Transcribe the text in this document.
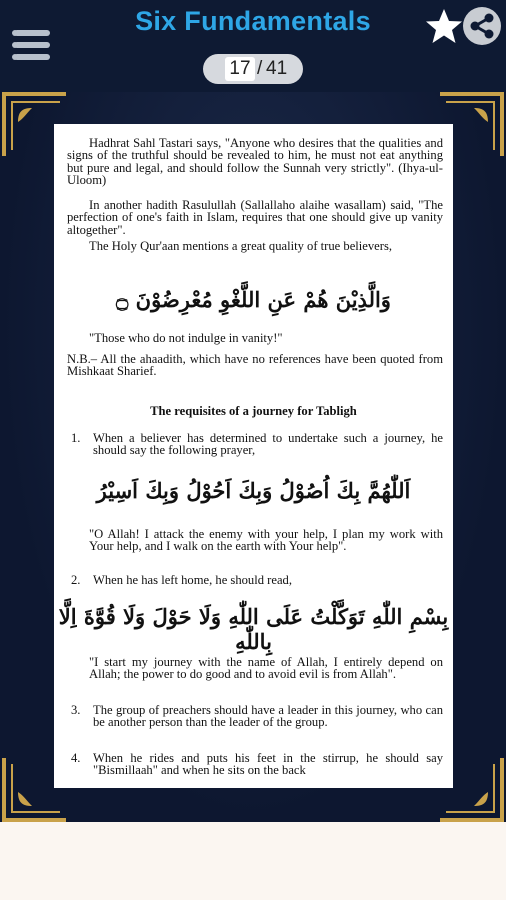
Six Fundamentals
17 / 41
Hadhrat Sahl Tastari says, "Anyone who desires that the qualities and signs of the truthful should be revealed to him, he must not eat anything but pure and legal, and should follow the Sunnah very strictly". (Ihya-ul-Uloom)
In another hadith Rasulullah (Sallallaho alaihe wasallam) said, "The perfection of one's faith in Islam, requires that one should give up vanity altogether".
The Holy Qur'aan mentions a great quality of true believers,
وَالَّذِيْنَ هُمْ عَنِ اللَّغْوِ مُعْرِضُوْنَ ۝
"Those who do not indulge in vanity!"
N.B.– All the ahaadith, which have no references have been quoted from Mishkaat Sharief.
The requisites of a journey for Tabligh
1. When a believer has determined to undertake such a journey, he should say the following prayer,
اَللّٰهُمَّ بِكَ اُصُوْلُ وَبِكَ اَحُوْلُ وَبِكَ اَسِيْرُ
"O Allah! I attack the enemy with your help, I plan my work with Your help, and I walk on the earth with Your help".
2. When he has left home, he should read,
بِسْمِ اللّٰهِ تَوَكَّلْتُ عَلَى اللّٰهِ وَلَا حَوْلَ وَلَا قُوَّةَ اِلَّا بِاللّٰهِ
"I start my journey with the name of Allah, I entirely depend on Allah; the power to do good and to avoid evil is from Allah".
3. The group of preachers should have a leader in this journey, who can be another person than the leader of the group.
4. When he rides and puts his feet in the stirrup, he should say "Bismillaah" and when he sits on the back
